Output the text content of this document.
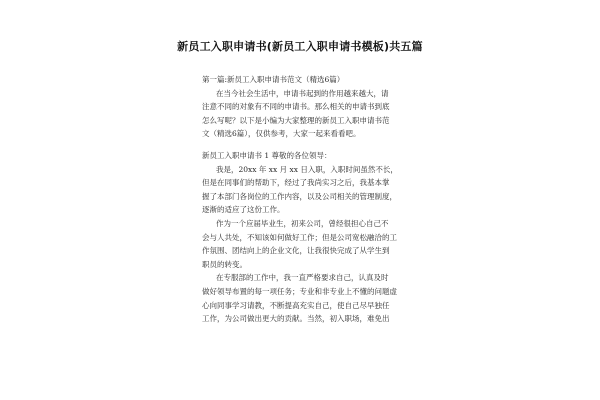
新员工入职申请书(新员工入职申请书模板)共五篇
第一篇:新员工入职申请书范文（精选6篇）
在当今社会生活中，申请书起到的作用越来越大，请
注意不同的对象有不同的申请书。那么相关的申请书到底
怎么写呢？以下是小编为大家整理的新员工入职申请书范
文（精选6篇），仅供参考，大家一起来看看吧。
新员工入职申请书 1 尊敬的各位领导：
我是，20xx 年 xx 月 xx 日入职，入职时间虽然不长，
但是在同事们的帮助下，经过了我尚实习之后，我基本掌
握了本部门各岗位的工作内容，以及公司相关的管理制度，
逐渐的适应了这份工作。
作为一个应届毕业生，初来公司，曾经很担心自己不
会与人共处，不知该如何做好工作；但是公司宽松融洽的工
作氛围、团结向上的企业文化，让我很快完成了从学生到
职员的转变。
在专服部的工作中，我一直严格要求自己，认真及时
做好领导布置的每一项任务；专业和非专业上不懂的问题虚
心向同事学习请教，不断提高充实自己，使自己尽早独任
工作，为公司做出更大的贡献。当然，初入职场，难免出
